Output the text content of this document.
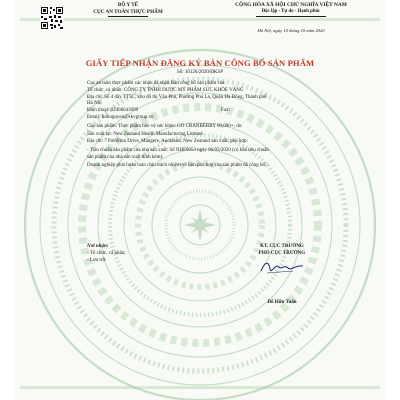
BỘ Y TẾ
CỤC AN TOÀN THỰC PHẨM
CỘNG HÒA XÃ HỘI CHỦ NGHĨA VIỆT NAM
Độc lập - Tự do - Hạnh phúc
Hà Nội, ngày 14 tháng 10 năm 2020
GIẤY TIẾP NHẬN ĐĂNG KÝ BẢN CÔNG BỐ SẢN PHẨM
Số: 10126/2020/ĐKSP

Cục an toàn thực phẩm xác nhận đã nhận Bản công bố sản phẩm của:

Tổ chức, cá nhân: CÔNG TY TNHH DƯỢC MỸ PHẨM SỨC KHỎE VÀNG

Địa chỉ: Số 4 dãy TT5C, khu đô thị Văn Phú, Phường Phú La, Quận Hà Đông, Thành phố

Hà Nội

Điện thoại: 02466643099	Fax:

Email: linhnguyen@skvgroup.vn

Cho sản phẩm: Thực phẩm bảo vệ sức khỏe: GO CRANBERRY 60,000+; do:

Sản xuất tại: New Zealand Health Manufacturing Limited

Địa chỉ: 7 Pavillion Drive, Mangere, Auckland, New Zealand sản xuất, phù hợp:

- Tiêu chuẩn sản phẩm của nhà sản xuất: Số NHF0053 ngày 06/03/2020 (có bản tiêu chuẩn

sản phẩm của nhà sản xuất đính kèm).

Doanh nghiệp phải hoàn toàn chịu trách nhiệm về tính phù hợp của sản phẩm đã công bố./.

Nơi nhận:
- Tổ chức, cá nhân;
- Lưu trữ.
KT. CỤC TRƯỞNG
PHÓ CỤC TRƯỞNG
Đỗ Hữu Tuấn
